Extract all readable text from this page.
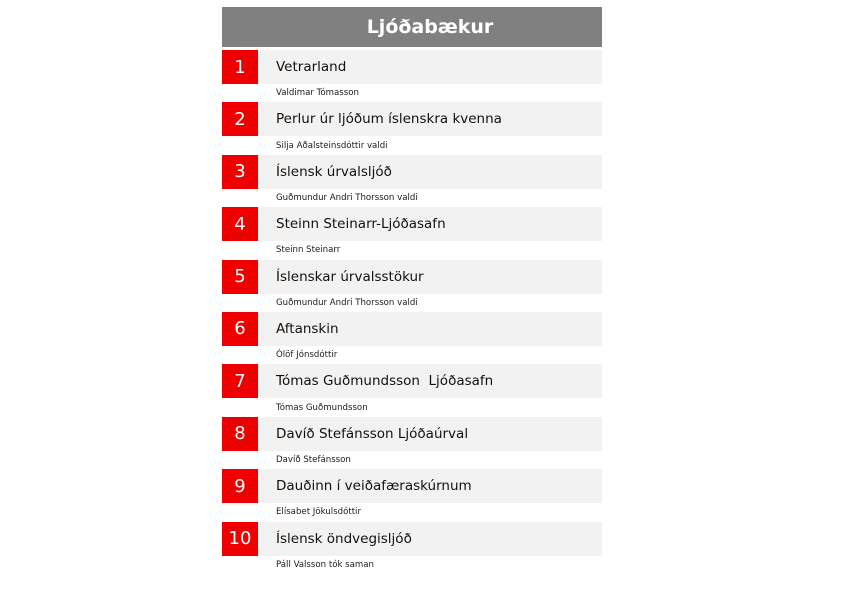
Ljóðabækur
1	Vetrarland
Valdimar Tómasson
2	Perlur úr ljóðum íslenskra kvenna
Silja Aðalsteinsdóttir valdi
3	Íslensk úrvalsljóð
Guðmundur Andri Thorsson valdi
4	Steinn Steinarr-Ljóðasafn
Steinn Steinarr
5	Íslenskar úrvalsstökur
Guðmundur Andri Thorsson valdi
6	Aftanskin
Ólöf Jónsdóttir
7	Tómas Guðmundsson  Ljóðasafn
Tómas Guðmundsson
8	Davíð Stefánsson Ljóðaúrval
Davíð Stefánsson
9	Dauðinn í veiðafæraskúrnum
Elísabet Jökulsdóttir
10	Íslensk öndvegisljóð
Páll Valsson tók saman
